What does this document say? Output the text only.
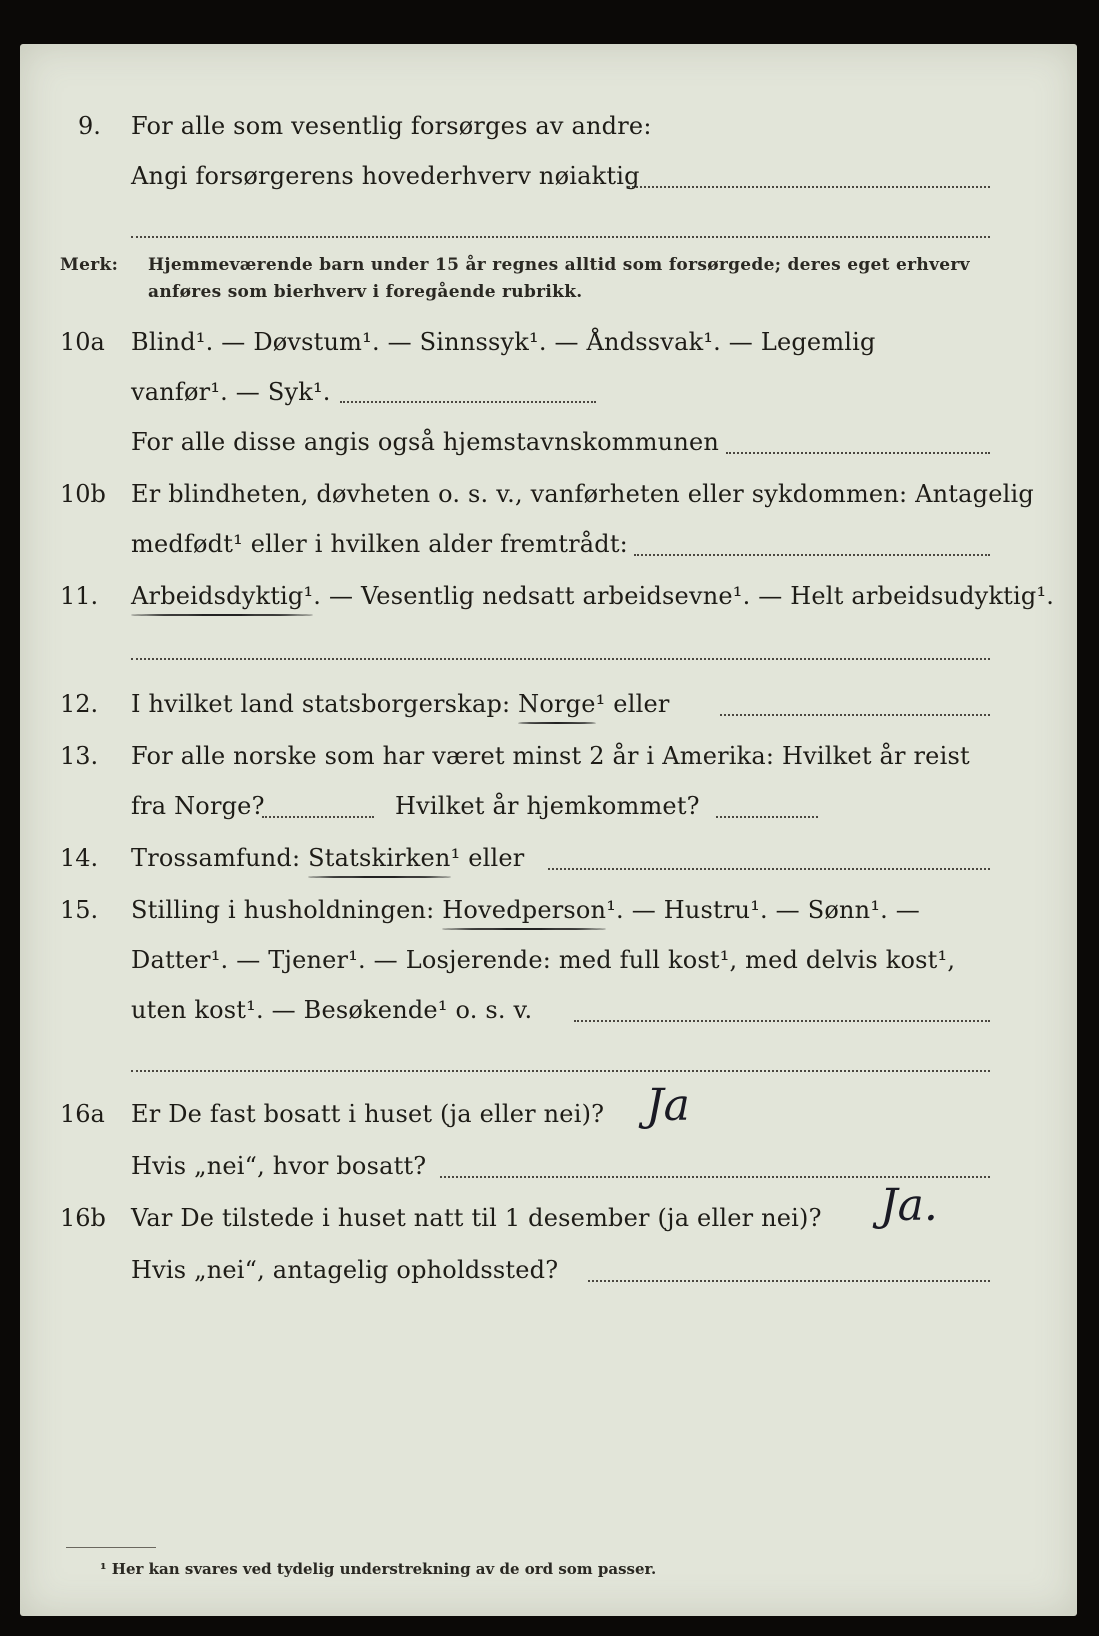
9. For alle som vesentlig forsørges av andre:
Angi forsørgerens hovederhverv nøiaktig
Merk: Hjemmeværende barn under 15 år regnes alltid som forsørgede; deres eget erhverv
anføres som bierhverv i foregående rubrikk.
10a Blind¹. — Døvstum¹. — Sinnssyk¹. — Åndssvak¹. — Legemlig
vanfør¹. — Syk¹.
For alle disse angis også hjemstavnskommunen
10b Er blindheten, døvheten o. s. v., vanførheten eller sykdommen: Antagelig
medfødt¹ eller i hvilken alder fremtrådt:
11. Arbeidsdyktig¹. — Vesentlig nedsatt arbeidsevne¹. — Helt arbeidsudyktig¹.
12. I hvilket land statsborgerskap: Norge¹ eller
13. For alle norske som har været minst 2 år i Amerika: Hvilket år reist
fra Norge?	Hvilket år hjemkommet?
14. Trossamfund: Statskirken¹ eller
15. Stilling i husholdningen: Hovedperson¹. — Hustru¹. — Sønn¹. —
Datter¹. — Tjener¹. — Losjerende: med full kost¹, med delvis kost¹,
uten kost¹. — Besøkende¹ o. s. v.
16a Er De fast bosatt i huset (ja eller nei)? Ja
Hvis „nei“, hvor bosatt?
16b Var De tilstede i huset natt til 1 desember (ja eller nei)? Ja.
Hvis „nei“, antagelig opholdssted?
¹ Her kan svares ved tydelig understrekning av de ord som passer.
